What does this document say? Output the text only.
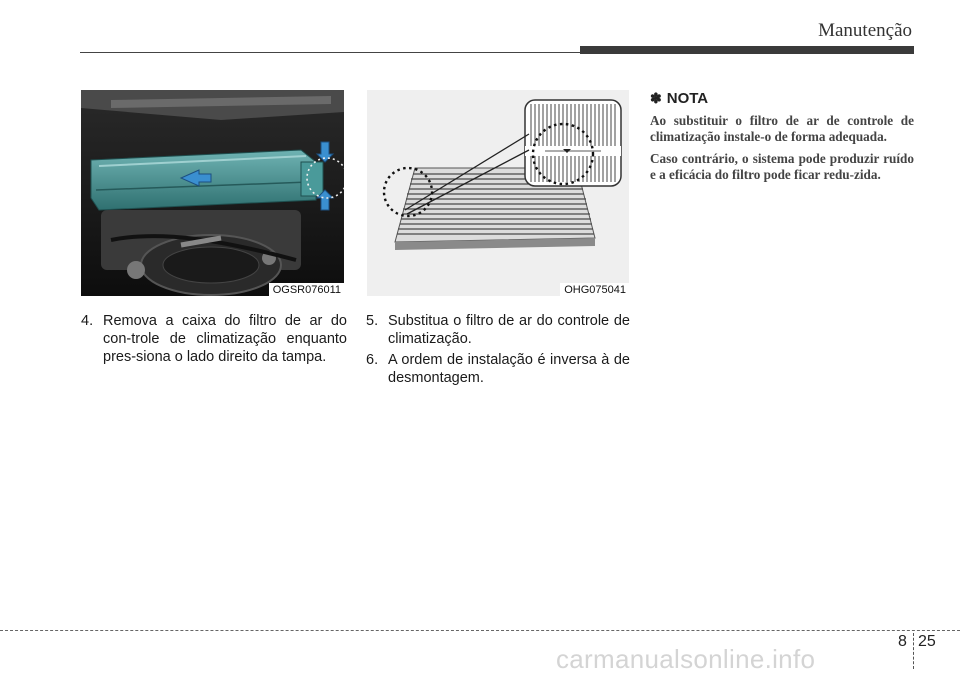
Manutenção
OGSR076011	OHG075041
4. Remova a caixa do filtro de ar do con-trole de climatização enquanto pres-siona o lado direito da tampa.
5. Substitua o filtro de ar do controle de climatização.
6. A ordem de instalação é inversa à de desmontagem.
✽ NOTA

Ao substituir o filtro de ar de controle de climatização instale-o de forma adequada.

Caso contrário, o sistema pode produzir ruído e a eficácia do filtro pode ficar redu-zida.

8 25
carmanualsonline.info
